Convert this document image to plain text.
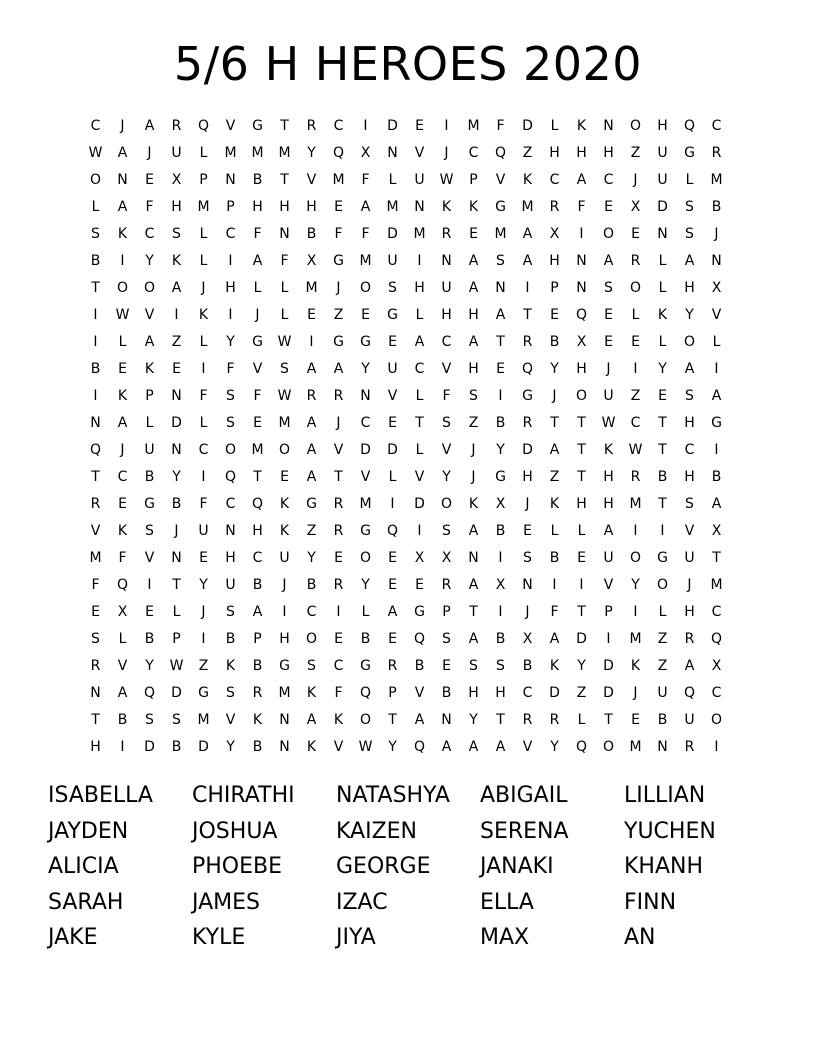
5/6 H HEROES 2020
C	J	A	R	Q	V	G	T	R	C	I	D	E	I	M	F	D	L	K	N	O	H	Q	C
W	A	J	U	L	M	M	M	Y	Q	X	N	V	J	C	Q	Z	H	H	H	Z	U	G	R
O	N	E	X	P	N	B	T	V	M	F	L	U	W	P	V	K	C	A	C	J	U	L	M
L	A	F	H	M	P	H	H	H	E	A	M	N	K	K	G	M	R	F	E	X	D	S	B
S	K	C	S	L	C	F	N	B	F	F	D	M	R	E	M	A	X	I	O	E	N	S	J
B	I	Y	K	L	I	A	F	X	G	M	U	I	N	A	S	A	H	N	A	R	L	A	N
T	O	O	A	J	H	L	L	M	J	O	S	H	U	A	N	I	P	N	S	O	L	H	X
I	W	V	I	K	I	J	L	E	Z	E	G	L	H	H	A	T	E	Q	E	L	K	Y	V
I	L	A	Z	L	Y	G	W	I	G	G	E	A	C	A	T	R	B	X	E	E	L	O	L
B	E	K	E	I	F	V	S	A	A	Y	U	C	V	H	E	Q	Y	H	J	I	Y	A	I
I	K	P	N	F	S	F	W	R	R	N	V	L	F	S	I	G	J	O	U	Z	E	S	A
N	A	L	D	L	S	E	M	A	J	C	E	T	S	Z	B	R	T	T	W	C	T	H	G
Q	J	U	N	C	O	M	O	A	V	D	D	L	V	J	Y	D	A	T	K	W	T	C	I
T	C	B	Y	I	Q	T	E	A	T	V	L	V	Y	J	G	H	Z	T	H	R	B	H	B
R	E	G	B	F	C	Q	K	G	R	M	I	D	O	K	X	J	K	H	H	M	T	S	A
V	K	S	J	U	N	H	K	Z	R	G	Q	I	S	A	B	E	L	L	A	I	I	V	X
M	F	V	N	E	H	C	U	Y	E	O	E	X	X	N	I	S	B	E	U	O	G	U	T
F	Q	I	T	Y	U	B	J	B	R	Y	E	E	R	A	X	N	I	I	V	Y	O	J	M
E	X	E	L	J	S	A	I	C	I	L	A	G	P	T	I	J	F	T	P	I	L	H	C
S	L	B	P	I	B	P	H	O	E	B	E	Q	S	A	B	X	A	D	I	M	Z	R	Q
R	V	Y	W	Z	K	B	G	S	C	G	R	B	E	S	S	B	K	Y	D	K	Z	A	X
N	A	Q	D	G	S	R	M	K	F	Q	P	V	B	H	H	C	D	Z	D	J	U	Q	C
T	B	S	S	M	V	K	N	A	K	O	T	A	N	Y	T	R	R	L	T	E	B	U	O
H	I	D	B	D	Y	B	N	K	V	W	Y	Q	A	A	A	V	Y	Q	O	M	N	R	I
ISABELLA	CHIRATHI	NATASHYA	ABIGAIL	LILLIAN
JAYDEN	JOSHUA	KAIZEN	SERENA	YUCHEN
ALICIA	PHOEBE	GEORGE	JANAKI	KHANH
SARAH	JAMES	IZAC	ELLA	FINN
JAKE	KYLE	JIYA	MAX	AN
